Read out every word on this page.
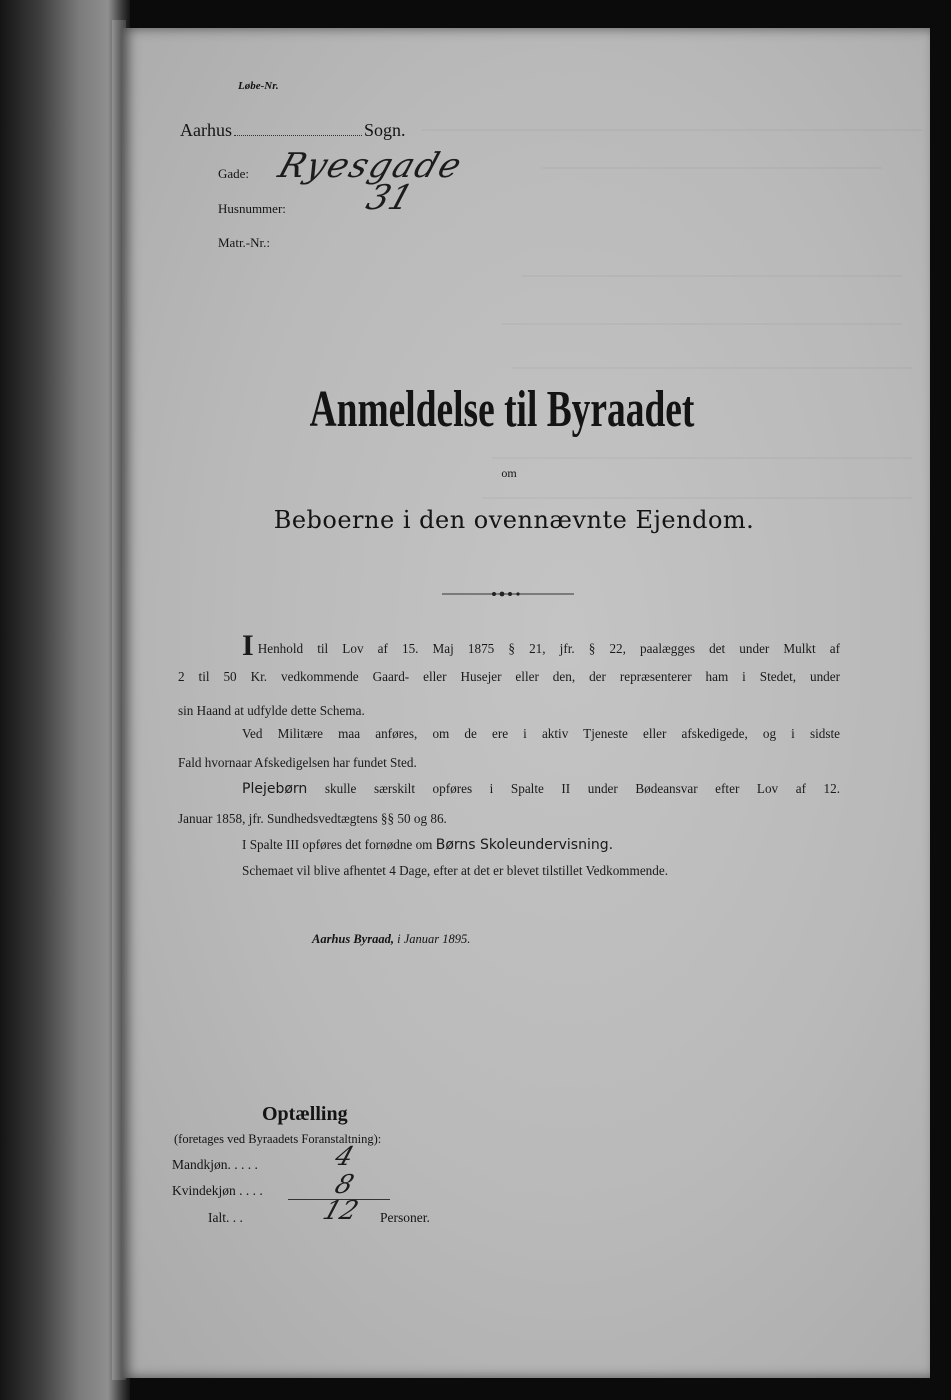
Løbe-Nr.
Aarhus	Sogn.
Gade: Ryesgade
Husnummer: 31
Matr.-Nr.:
Anmeldelse til Byraadet
om
Beboerne i den ovennævnte Ejendom.
I Henhold til Lov af 15. Maj 1875 § 21, jfr. § 22, paalægges det under Mulkt af
2 til 50 Kr. vedkommende Gaard- eller Husejer eller den, der repræsenterer ham i Stedet, under
sin Haand at udfylde dette Schema.
Ved Militære maa anføres, om de ere i aktiv Tjeneste eller afskedigede, og i sidste
Fald hvornaar Afskedigelsen har fundet Sted.
Plejebørn skulle særskilt opføres i Spalte II under Bødeansvar efter Lov af 12.
Januar 1858, jfr. Sundhedsvedtægtens §§ 50 og 86.
I Spalte III opføres det fornødne om Børns Skoleundervisning.
Schemaet vil blive afhentet 4 Dage, efter at det er blevet tilstillet Vedkommende.
Aarhus Byraad, i Januar 1895.
Optælling
(foretages ved Byraadets Foranstaltning):
Mandkjøn. . . . .	4
Kvindekjøn . . . .	8
Ialt. . .	12 Personer.
